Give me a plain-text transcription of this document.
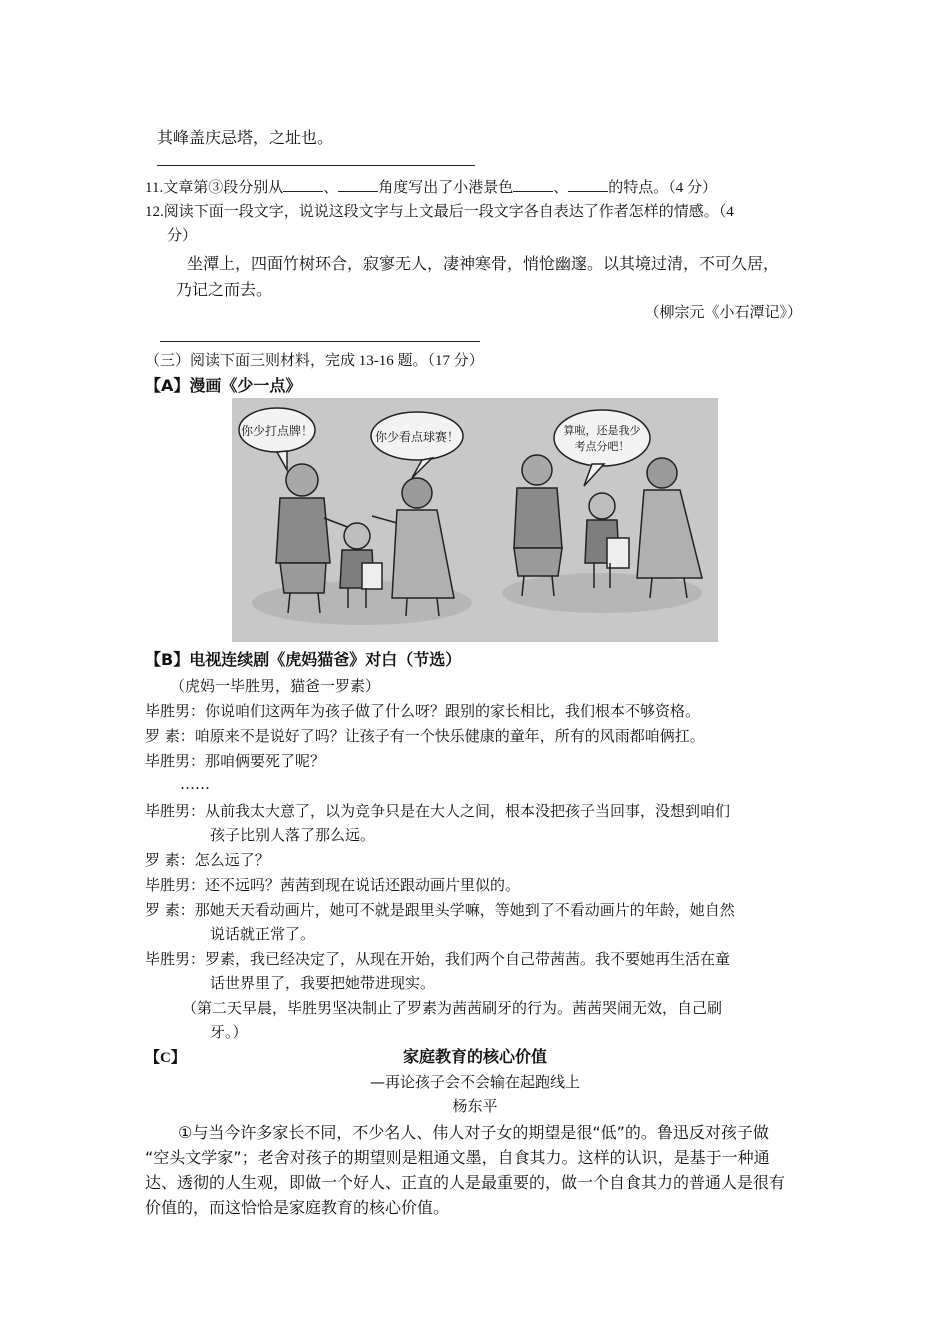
其峰盖庆忌塔，之址也。
11.文章第③段分别从	、	角度写出了小港景色	、	的特点。（4 分）
12.阅读下面一段文字，说说这段文字与上文最后一段文字各自表达了作者怎样的情感。（4
分）
坐潭上，四面竹树环合，寂寥无人，凄神寒骨，悄怆幽邃。以其境过清，不可久居，
乃记之而去。
（柳宗元《小石潭记》）
（三）阅读下面三则材料，完成 13-16 题。（17 分）
【A】漫画《少一点》
你少打点牌！	你少看点球赛！	算啦，还是我少
考点分吧！
【B】电视连续剧《虎妈猫爸》对白（节选）
（虎妈一毕胜男，猫爸一罗素）
毕胜男：你说咱们这两年为孩子做了什么呀？跟别的家长相比，我们根本不够资格。
罗 素：咱原来不是说好了吗？让孩子有一个快乐健康的童年，所有的风雨都咱俩扛。
毕胜男：那咱俩要死了呢？
……
毕胜男：从前我太大意了，以为竞争只是在大人之间，根本没把孩子当回事，没想到咱们
孩子比别人落了那么远。
罗 素：怎么远了？
毕胜男：还不远吗？茜茜到现在说话还跟动画片里似的。
罗 素：那她天天看动画片，她可不就是跟里头学嘛，等她到了不看动画片的年龄，她自然
说话就正常了。
毕胜男：罗素，我已经决定了，从现在开始，我们两个自己带茜茜。我不要她再生活在童
话世界里了，我要把她带进现实。
（第二天早晨，毕胜男坚决制止了罗素为茜茜刷牙的行为。茜茜哭闹无效，自己刷
牙。）
【C】	家庭教育的核心价值
—再论孩子会不会输在起跑线上
杨东平
①与当今许多家长不同，不少名人、伟人对子女的期望是很“低”的。鲁迅反对孩子做
“空头文学家”；老舍对孩子的期望则是粗通文墨，自食其力。这样的认识，是基于一种通
达、透彻的人生观，即做一个好人、正直的人是最重要的，做一个自食其力的普通人是很有
价值的，而这恰恰是家庭教育的核心价值。
